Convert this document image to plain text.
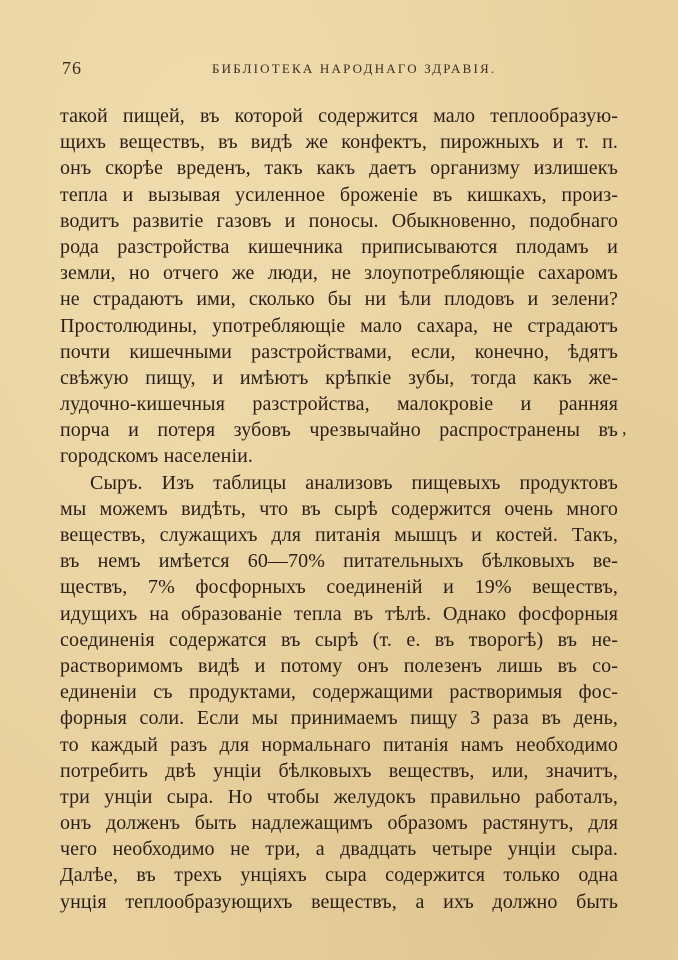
76	БИБЛІОТЕКА НАРОДНАГО ЗДРАВІЯ.
такой пищей, въ которой содержится мало теплообразую-
щихъ веществъ, въ видѣ же конфектъ, пирожныхъ и т. п.
онъ скорѣе вреденъ, такъ какъ даетъ организму излишекъ
тепла и вызывая усиленное броженіе въ кишкахъ, произ-
водитъ развитіе газовъ и поносы. Обыкновенно, подобнаго
рода разстройства кишечника приписываются плодамъ и
земли, но отчего же люди, не злоупотребляющіе сахаромъ
не страдаютъ ими, сколько бы ни ѣли плодовъ и зелени?
Простолюдины, употребляющіе мало сахара, не страдаютъ
почти кишечными разстройствами, если, конечно, ѣдятъ
свѣжую пищу, и имѣютъ крѣпкіе зубы, тогда какъ же-
лудочно-кишечныя разстройства, малокровіе и ранняя
порча и потеря зубовъ чрезвычайно распространены въ
городскомъ населеніи.
Сыръ. Изъ таблицы анализовъ пищевыхъ продуктовъ
мы можемъ видѣть, что въ сырѣ содержится очень много
веществъ, служащихъ для питанія мышцъ и костей. Такъ,
въ немъ имѣется 60—70% питательныхъ бѣлковыхъ ве-
ществъ, 7% фосфорныхъ соединеній и 19% веществъ,
идущихъ на образованіе тепла въ тѣлѣ. Однако фосфорныя
соединенія содержатся въ сырѣ (т. е. въ творогѣ) въ не-
растворимомъ видѣ и потому онъ полезенъ лишь въ со-
единеніи съ продуктами, содержащими растворимыя фос-
форныя соли. Если мы принимаемъ пищу 3 раза въ день,
то каждый разъ для нормальнаго питанія намъ необходимо
потребить двѣ унціи бѣлковыхъ веществъ, или, значитъ,
три унціи сыра. Но чтобы желудокъ правильно работалъ,
онъ долженъ быть надлежащимъ образомъ растянутъ, для
чего необходимо не три, а двадцать четыре унціи сыра.
Далѣе, въ трехъ унціяхъ сыра содержится только одна
унція теплообразующихъ веществъ, а ихъ должно быть
,
